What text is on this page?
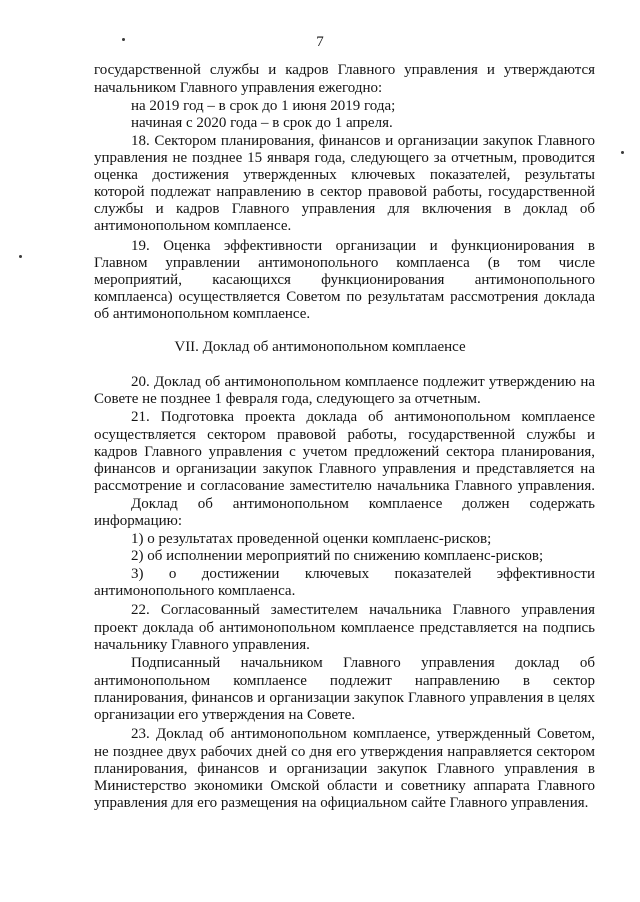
7
государственной службы и кадров Главного управления и утверждаются
начальником Главного управления ежегодно:
на 2019 год – в срок до 1 июня 2019 года;
начиная с 2020 года – в срок до 1 апреля.
18. Сектором планирования, финансов и организации закупок Главного
управления не позднее 15 января года, следующего за отчетным, проводится
оценка достижения утвержденных ключевых показателей, результаты
которой подлежат направлению в сектор правовой работы, государственной
службы и кадров Главного управления для включения в доклад об
антимонопольном комплаенсе.
19. Оценка эффективности организации и функционирования в
Главном управлении антимонопольного комплаенса (в том числе
мероприятий, касающихся функционирования антимонопольного
комплаенса) осуществляется Советом по результатам рассмотрения доклада
об антимонопольном комплаенсе.
VII. Доклад об антимонопольном комплаенсе
20. Доклад об антимонопольном комплаенсе подлежит утверждению на
Совете не позднее 1 февраля года, следующего за отчетным.
21. Подготовка проекта доклада об антимонопольном комплаенсе
осуществляется сектором правовой работы, государственной службы и
кадров Главного управления с учетом предложений сектора планирования,
финансов и организации закупок Главного управления и представляется на
рассмотрение и согласование заместителю начальника Главного управления.
Доклад об антимонопольном комплаенсе должен содержать
информацию:
1) о результатах проведенной оценки комплаенс-рисков;
2) об исполнении мероприятий по снижению комплаенс-рисков;
3) о достижении ключевых показателей эффективности
антимонопольного комплаенса.
22. Согласованный заместителем начальника Главного управления
проект доклада об антимонопольном комплаенсе представляется на подпись
начальнику Главного управления.
Подписанный начальником Главного управления доклад об
антимонопольном комплаенсе подлежит направлению в сектор
планирования, финансов и организации закупок Главного управления в целях
организации его утверждения на Совете.
23. Доклад об антимонопольном комплаенсе, утвержденный Советом,
не позднее двух рабочих дней со дня его утверждения направляется сектором
планирования, финансов и организации закупок Главного управления в
Министерство экономики Омской области и советнику аппарата Главного
управления для его размещения на официальном сайте Главного управления.
